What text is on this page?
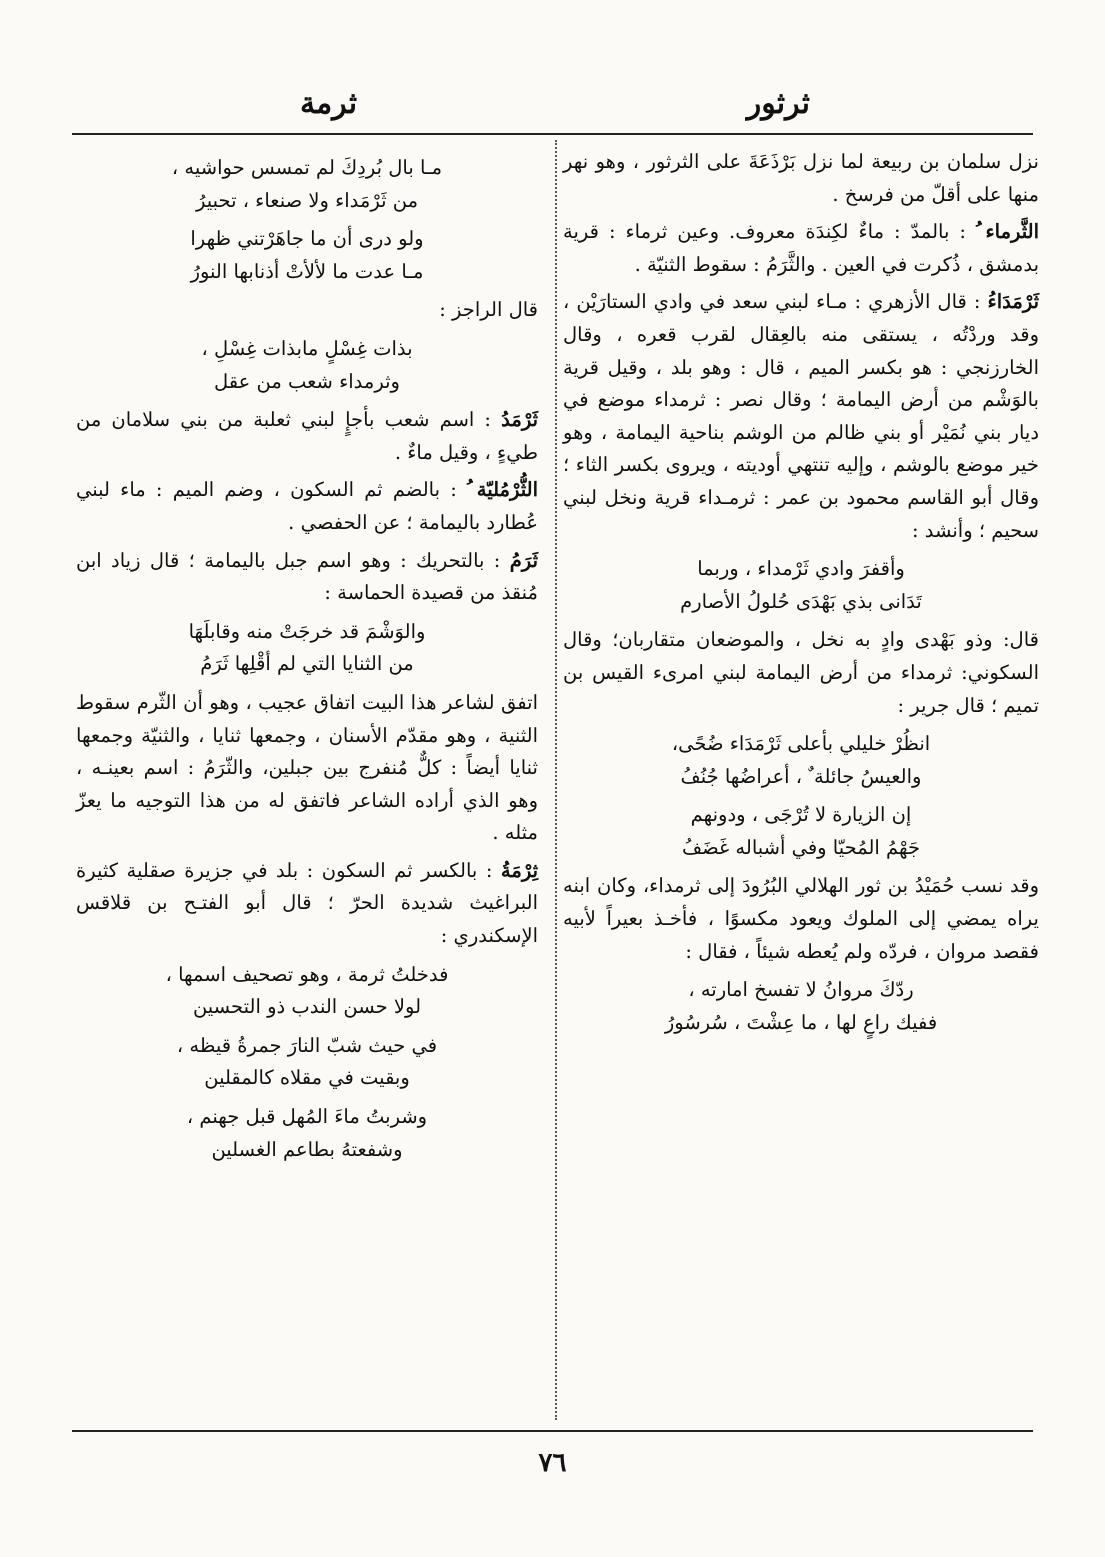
ثرثور
ثرمة

نزل سلمان بن ربيعة لما نزل بَرْذَعَةَ على الثرثور ، وهو نهر منها على أقلّ من فرسخ .

الثَّرماء ُ : بالمدّ : ماءٌ لكِندَة معروف. وعين ثرماء : قرية بدمشق ، ذُكرت في العين . والثَّرَمُ : سقوط الثنيّة .

ثَرْمَدَاءُ : قال الأزهري : مـاء لبني سعد في وادي الستارَيْن ، وقد وردْتُه ، يستقى منه بالعِقال لقرب قعره ، وقال الخارزنجي : هو بكسر الميم ، قال : وهو بلد ، وقيل قرية بالوَشْم من أرض اليمامة ؛ وقال نصر : ثرمداء موضع في ديار بني نُمَيْر أو بني ظالم من الوشم بناحية اليمامة ، وهو خير موضع بالوشم ، وإليه تنتهي أوديته ، ويروى بكسر الثاء ؛ وقال أبو القاسم محمود بن عمر : ثرمـداء قرية ونخل لبني سحيم ؛ وأنشد :

وأقفرَ وادي ثَرْمداء ، وربما
تَدَانى بذي بَهْدَى حُلولُ الأصارم

قال: وذو بَهْدى وادٍ به نخل ، والموضعان متقاربان؛ وقال السكوني: ثرمداء من أرض اليمامة لبني امرىء القيس بن تميم ؛ قال جرير :

انظُرْ خليلي بأعلى ثَرْمَدَاء ضُحًى،
والعيسُ جائلة ٌ ، أعراضُها جُنُفُ
إن الزيارة لا تُرْجَى ، ودونهم
جَهْمُ المُحيّا وفي أشباله غَضَفُ

وقد نسب حُمَيْدُ بن ثور الهلالي البُرُودَ إلى ثرمداء، وكان ابنه يراه يمضي إلى الملوك ويعود مكسوًا ، فأخـذ بعيراً لأبيه فقصد مروان ، فردّه ولم يُعطه شيئاً ، فقال :

ردّكَ مروانُ لا تفسخ امارته ،
ففيك راعٍ لها ، ما عِشْتَ ، سُرسُورُ
مـا بال بُردِكَ لم تمسس حواشيه ،
من ثَرْمَداء ولا صنعاء ، تحبيرُ
ولو درى أن ما جاهَرْتني ظهرا
مـا عدت ما لألأتْ أذنابها النورُ

قال الراجز :

بذات غِسْلٍ مابذات غِسْلِ ،
وثرمداء شعب من عقل

ثَرْمَدُ : اسم شعب بأجإٍ لبني ثعلبة من بني سلامان من طيءٍ ، وقيل ماءٌ .

الثُّرْمُليّة ُ : بالضم ثم السكون ، وضم الميم : ماء لبني عُطارد باليمامة ؛ عن الحفصي .

ثَرَمُ : بالتحريك : وهو اسم جبل باليمامة ؛ قال زياد ابن مُنقذ من قصيدة الحماسة :

والوَشْمَ قد خرجَتْ منه وقابلَهَا
من الثنايا التي لم أقْلِها ثَرَمُ

اتفق لشاعر هذا البيت اتفاق عجيب ، وهو أن الثّرم سقوط الثنية ، وهو مقدّم الأسنان ، وجمعها ثنايا ، والثنيّة وجمعها ثنايا أيضاً : كلٌّ مُنفرج بين جبلين، والثّرَمُ : اسم بعينـه ، وهو الذي أراده الشاعر فاتفق له من هذا التوجيه ما يعزّ مثله .

ثِرْمَةُ : بالكسر ثم السكون : بلد في جزيرة صقلية كثيرة البراغيث شديدة الحرّ ؛ قال أبو الفتـح بن قلاقس الإسكندري :

فدخلتُ ثرمة ، وهو تصحيف اسمها ،
لولا حسن الندب ذو التحسين
في حيث شبّ النارَ جمرةُ قيظه ،
وبقيت في مقلاه كالمقلين
وشربتُ ماءَ المُهل قبل جهنم ،
وشفعتهُ بطاعم الغسلين
٧٦
